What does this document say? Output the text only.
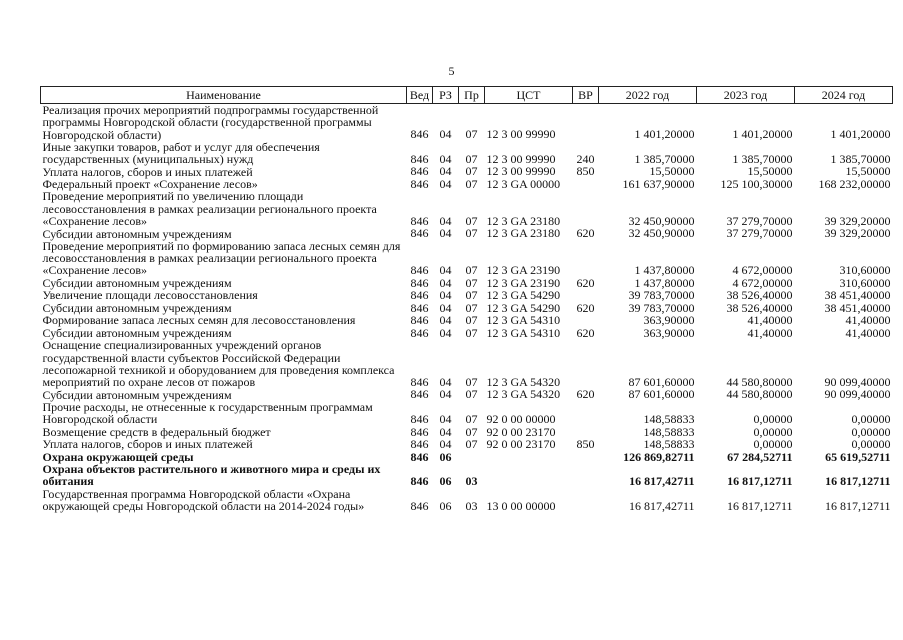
5
Наименование	Вед	РЗ	Пр	ЦСТ	ВР	2022 год	2023 год	2024 год
Реализация прочих мероприятий подпрограммы государственной программы Новгородской области (государственной программы Новгородской области)	846	04	07	12 3 00 99990		1 401,20000	1 401,20000	1 401,20000
Иные закупки товаров, работ и услуг для обеспечения государственных (муниципальных) нужд	846	04	07	12 3 00 99990	240	1 385,70000	1 385,70000	1 385,70000
Уплата налогов, сборов и иных платежей	846	04	07	12 3 00 99990	850	15,50000	15,50000	15,50000
Федеральный проект «Сохранение лесов»	846	04	07	12 3 GA 00000		161 637,90000	125 100,30000	168 232,00000
Проведение мероприятий по увеличению площади лесовосстановления в рамках реализации регионального проекта «Сохранение лесов»	846	04	07	12 3 GA 23180		32 450,90000	37 279,70000	39 329,20000
Субсидии автономным учреждениям	846	04	07	12 3 GA 23180	620	32 450,90000	37 279,70000	39 329,20000
Проведение мероприятий по формированию запаса лесных семян для лесовосстановления в рамках реализации регионального проекта «Сохранение лесов»	846	04	07	12 3 GA 23190		1 437,80000	4 672,00000	310,60000
Субсидии автономным учреждениям	846	04	07	12 3 GA 23190	620	1 437,80000	4 672,00000	310,60000
Увеличение площади лесовосстановления	846	04	07	12 3 GA 54290		39 783,70000	38 526,40000	38 451,40000
Субсидии автономным учреждениям	846	04	07	12 3 GA 54290	620	39 783,70000	38 526,40000	38 451,40000
Формирование запаса лесных семян для лесовосстановления	846	04	07	12 3 GA 54310		363,90000	41,40000	41,40000
Субсидии автономным учреждениям	846	04	07	12 3 GA 54310	620	363,90000	41,40000	41,40000
Оснащение специализированных учреждений органов государственной власти субъектов Российской Федерации лесопожарной техникой и оборудованием для проведения комплекса мероприятий по охране лесов от пожаров	846	04	07	12 3 GA 54320		87 601,60000	44 580,80000	90 099,40000
Субсидии автономным учреждениям	846	04	07	12 3 GA 54320	620	87 601,60000	44 580,80000	90 099,40000
Прочие расходы, не отнесенные к государственным программам Новгородской области	846	04	07	92 0 00 00000		148,58833	0,00000	0,00000
Возмещение средств в федеральный бюджет	846	04	07	92 0 00 23170		148,58833	0,00000	0,00000
Уплата налогов, сборов и иных платежей	846	04	07	92 0 00 23170	850	148,58833	0,00000	0,00000
Охрана окружающей среды	846	06				126 869,82711	67 284,52711	65 619,52711
Охрана объектов растительного и животного мира и среды их обитания	846	06	03			16 817,42711	16 817,12711	16 817,12711
Государственная программа Новгородской области «Охрана окружающей среды Новгородской области на 2014-2024 годы»	846	06	03	13 0 00 00000		16 817,42711	16 817,12711	16 817,12711
